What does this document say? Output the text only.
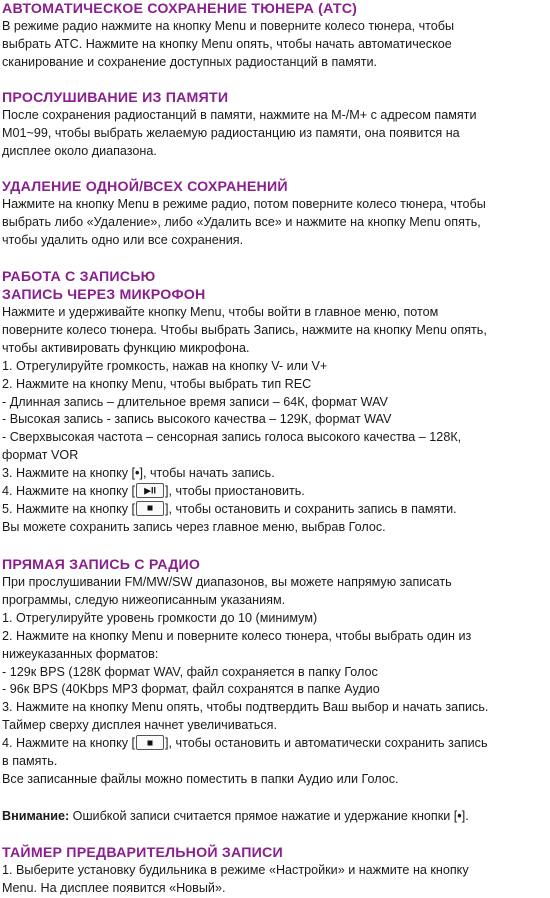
АВТОМАТИЧЕСКОЕ СОХРАНЕНИЕ ТЮНЕРА (АТС)
В режиме радио нажмите на кнопку Menu и поверните колесо тюнера, чтобы
выбрать АТС. Нажмите на кнопку Menu опять, чтобы начать автоматическое
сканирование и сохранение доступных радиостанций в памяти.
ПРОСЛУШИВАНИЕ ИЗ ПАМЯТИ
После сохранения радиостанций в памяти, нажмите на М-/М+ с адресом памяти
М01~99, чтобы выбрать желаемую радиостанцию из памяти, она появится на
дисплее около диапазона.
УДАЛЕНИЕ ОДНОЙ/ВСЕХ СОХРАНЕНИЙ
Нажмите на кнопку Menu в режиме радио, потом поверните колесо тюнера, чтобы
выбрать либо «Удаление», либо «Удалить все» и нажмите на кнопку Menu опять,
чтобы удалить одно или все сохранения.
РАБОТА С ЗАПИСЬЮ
ЗАПИСЬ ЧЕРЕЗ МИКРОФОН
Нажмите и удерживайте кнопку Menu, чтобы войти в главное меню, потом
поверните колесо тюнера. Чтобы выбрать Запись, нажмите на кнопку Menu опять,
чтобы активировать функцию микрофона.
1. Отрегулируйте громкость, нажав на кнопку V- или V+
2. Нажмите на кнопку Menu, чтобы выбрать тип REC
- Длинная запись – длительное время записи – 64К, формат WAV
- Высокая запись - запись высокого качества – 129К, формат WAV
- Сверхвысокая частота – сенсорная запись голоса высокого качества – 128К,
формат VOR
3. Нажмите на кнопку [•], чтобы начать запись.
4. Нажмите на кнопку [ ▶II ], чтобы приостановить.
5. Нажмите на кнопку [ ], чтобы остановить и сохранить запись в памяти.
Вы можете сохранить запись через главное меню, выбрав Голос.
ПРЯМАЯ ЗАПИСЬ С РАДИО
При прослушивании FM/MW/SW диапазонов, вы можете напрямую записать
программы, следую нижеописанным указаниям.
1. Отрегулируйте уровень громкости до 10 (минимум)
2. Нажмите на кнопку Menu и поверните колесо тюнера, чтобы выбрать один из
нижеуказанных форматов:
- 129к BPS (128К формат WAV, файл сохраняется в папку Голос
- 96к BPS (40Kbps MP3 формат, файл сохранятся в папке Аудио
3. Нажмите на кнопку Menu опять, чтобы подтвердить Ваш выбор и начать запись.
Таймер сверху дисплея начнет увеличиваться.
4. Нажмите на кнопку [ ], чтобы остановить и автоматически сохранить запись
в память.
Все записанные файлы можно поместить в папки Аудио или Голос.
Внимание: Ошибкой записи считается прямое нажатие и удержание кнопки [•].
ТАЙМЕР ПРЕДВАРИТЕЛЬНОЙ ЗАПИСИ
1. Выберите установку будильника в режиме «Настройки» и нажмите на кнопку
Menu. На дисплее появится «Новый».
